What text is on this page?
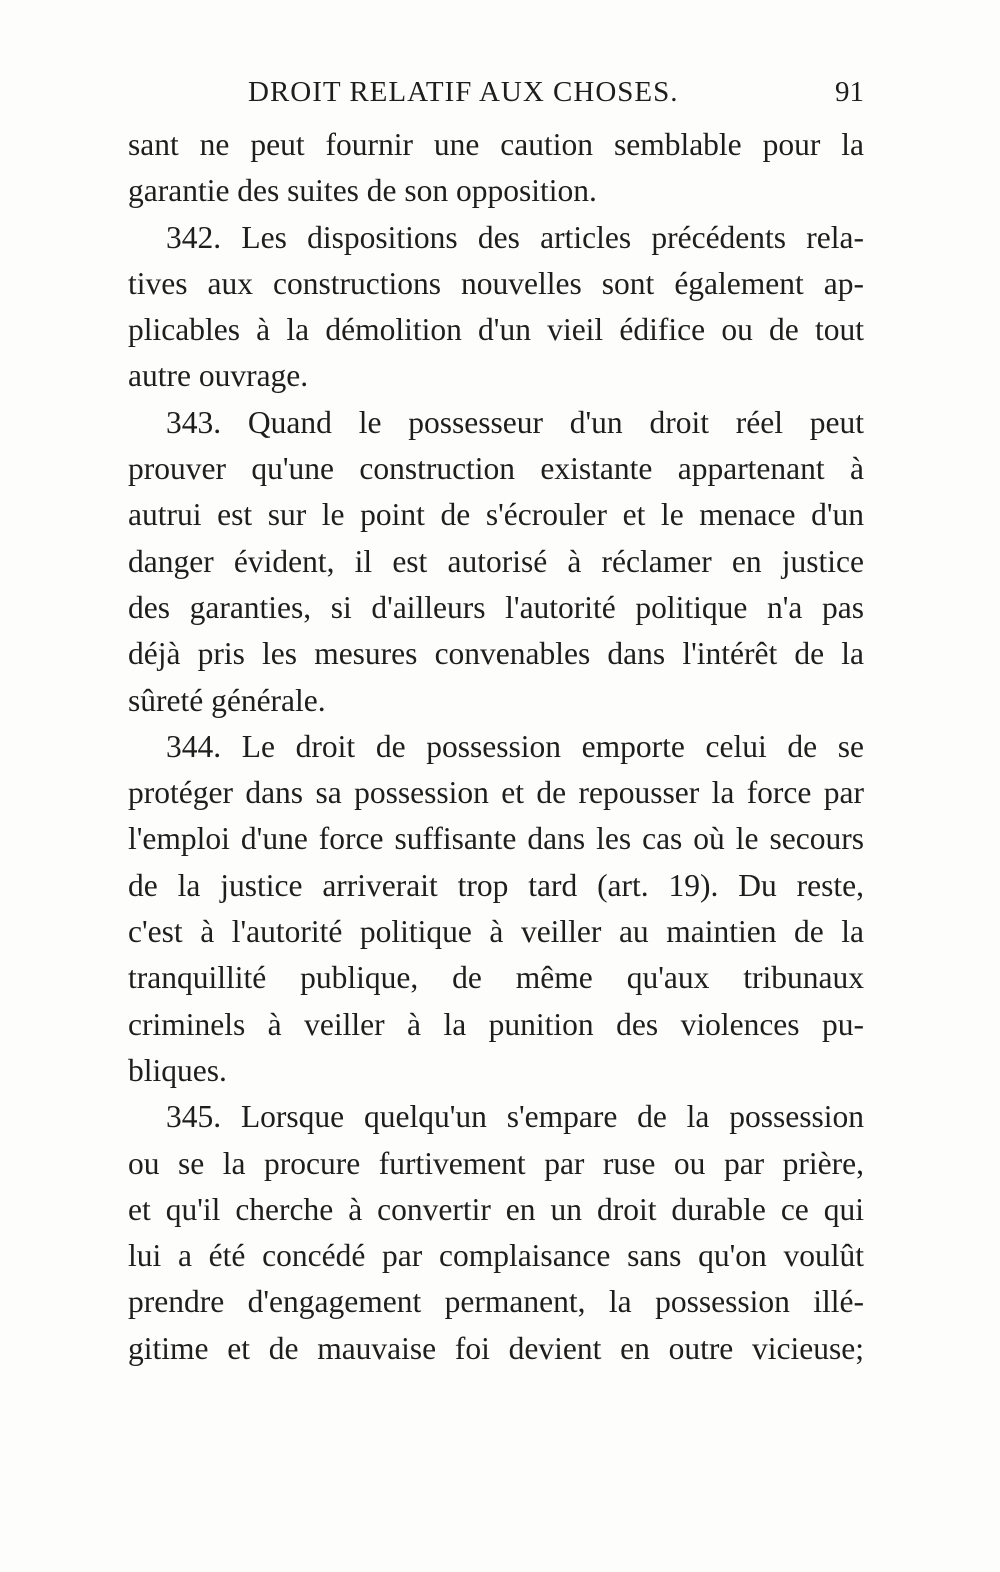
DROIT RELATIF AUX CHOSES.	91
sant ne peut fournir une caution semblable pour la
garantie des suites de son opposition.
342. Les dispositions des articles précédents rela-
tives aux constructions nouvelles sont également ap-
plicables à la démolition d'un vieil édifice ou de tout
autre ouvrage.
343. Quand le possesseur d'un droit réel peut
prouver qu'une construction existante appartenant à
autrui est sur le point de s'écrouler et le menace d'un
danger évident, il est autorisé à réclamer en justice
des garanties, si d'ailleurs l'autorité politique n'a pas
déjà pris les mesures convenables dans l'intérêt de la
sûreté générale.
344. Le droit de possession emporte celui de se
protéger dans sa possession et de repousser la force par
l'emploi d'une force suffisante dans les cas où le secours
de la justice arriverait trop tard (art. 19). Du reste,
c'est à l'autorité politique à veiller au maintien de la
tranquillité publique, de même qu'aux tribunaux
criminels à veiller à la punition des violences pu-
bliques.
345. Lorsque quelqu'un s'empare de la possession
ou se la procure furtivement par ruse ou par prière,
et qu'il cherche à convertir en un droit durable ce qui
lui a été concédé par complaisance sans qu'on voulût
prendre d'engagement permanent, la possession illé-
gitime et de mauvaise foi devient en outre vicieuse;
